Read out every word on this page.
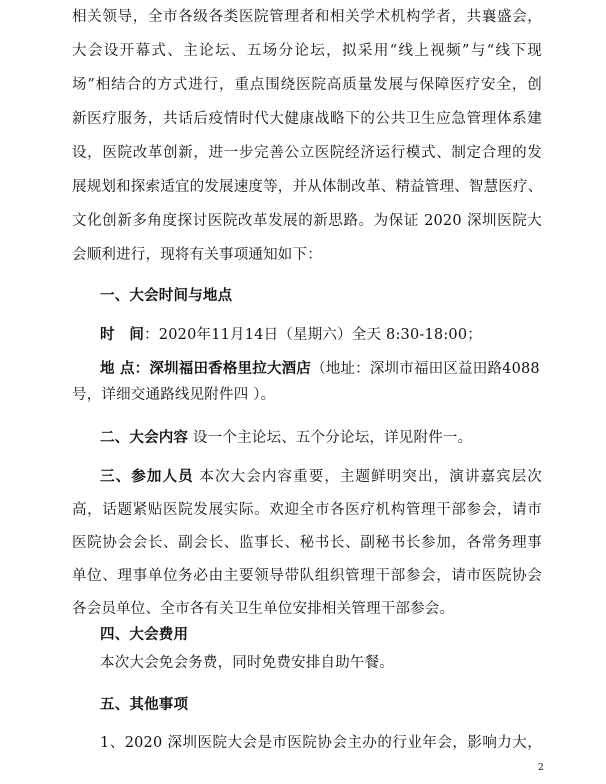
相关领导，全市各级各类医院管理者和相关学术机构学者，共襄盛会，
大会设开幕式、主论坛、五场分论坛，拟采用“线上视频”与“线下现
场”相结合的方式进行，重点围绕医院高质量发展与保障医疗安全，创
新医疗服务，共话后疫情时代大健康战略下的公共卫生应急管理体系建
设，医院改革创新，进一步完善公立医院经济运行模式、制定合理的发
展规划和探索适宜的发展速度等，并从体制改革、精益管理、智慧医疗、
文化创新多角度探讨医院改革发展的新思路。为保证 2020 深圳医院大
会顺利进行，现将有关事项通知如下：
一、大会时间与地点
时　间：2020年11月14日（星期六）全天 8:30-18:00；
地 点：深圳福田香格里拉大酒店（地址：深圳市福田区益田路4088
号，详细交通路线见附件四 ）。
二、大会内容 设一个主论坛、五个分论坛，详见附件一。
三、参加人员 本次大会内容重要，主题鲜明突出，演讲嘉宾层次
高，话题紧贴医院发展实际。欢迎全市各医疗机构管理干部参会，请市
医院协会会长、副会长、监事长、秘书长、副秘书长参加，各常务理事
单位、理事单位务必由主要领导带队组织管理干部参会，请市医院协会
各会员单位、全市各有关卫生单位安排相关管理干部参会。
四、大会费用
本次大会免会务费，同时免费安排自助午餐。
五、其他事项
1、2020 深圳医院大会是市医院协会主办的行业年会，影响力大，
2
